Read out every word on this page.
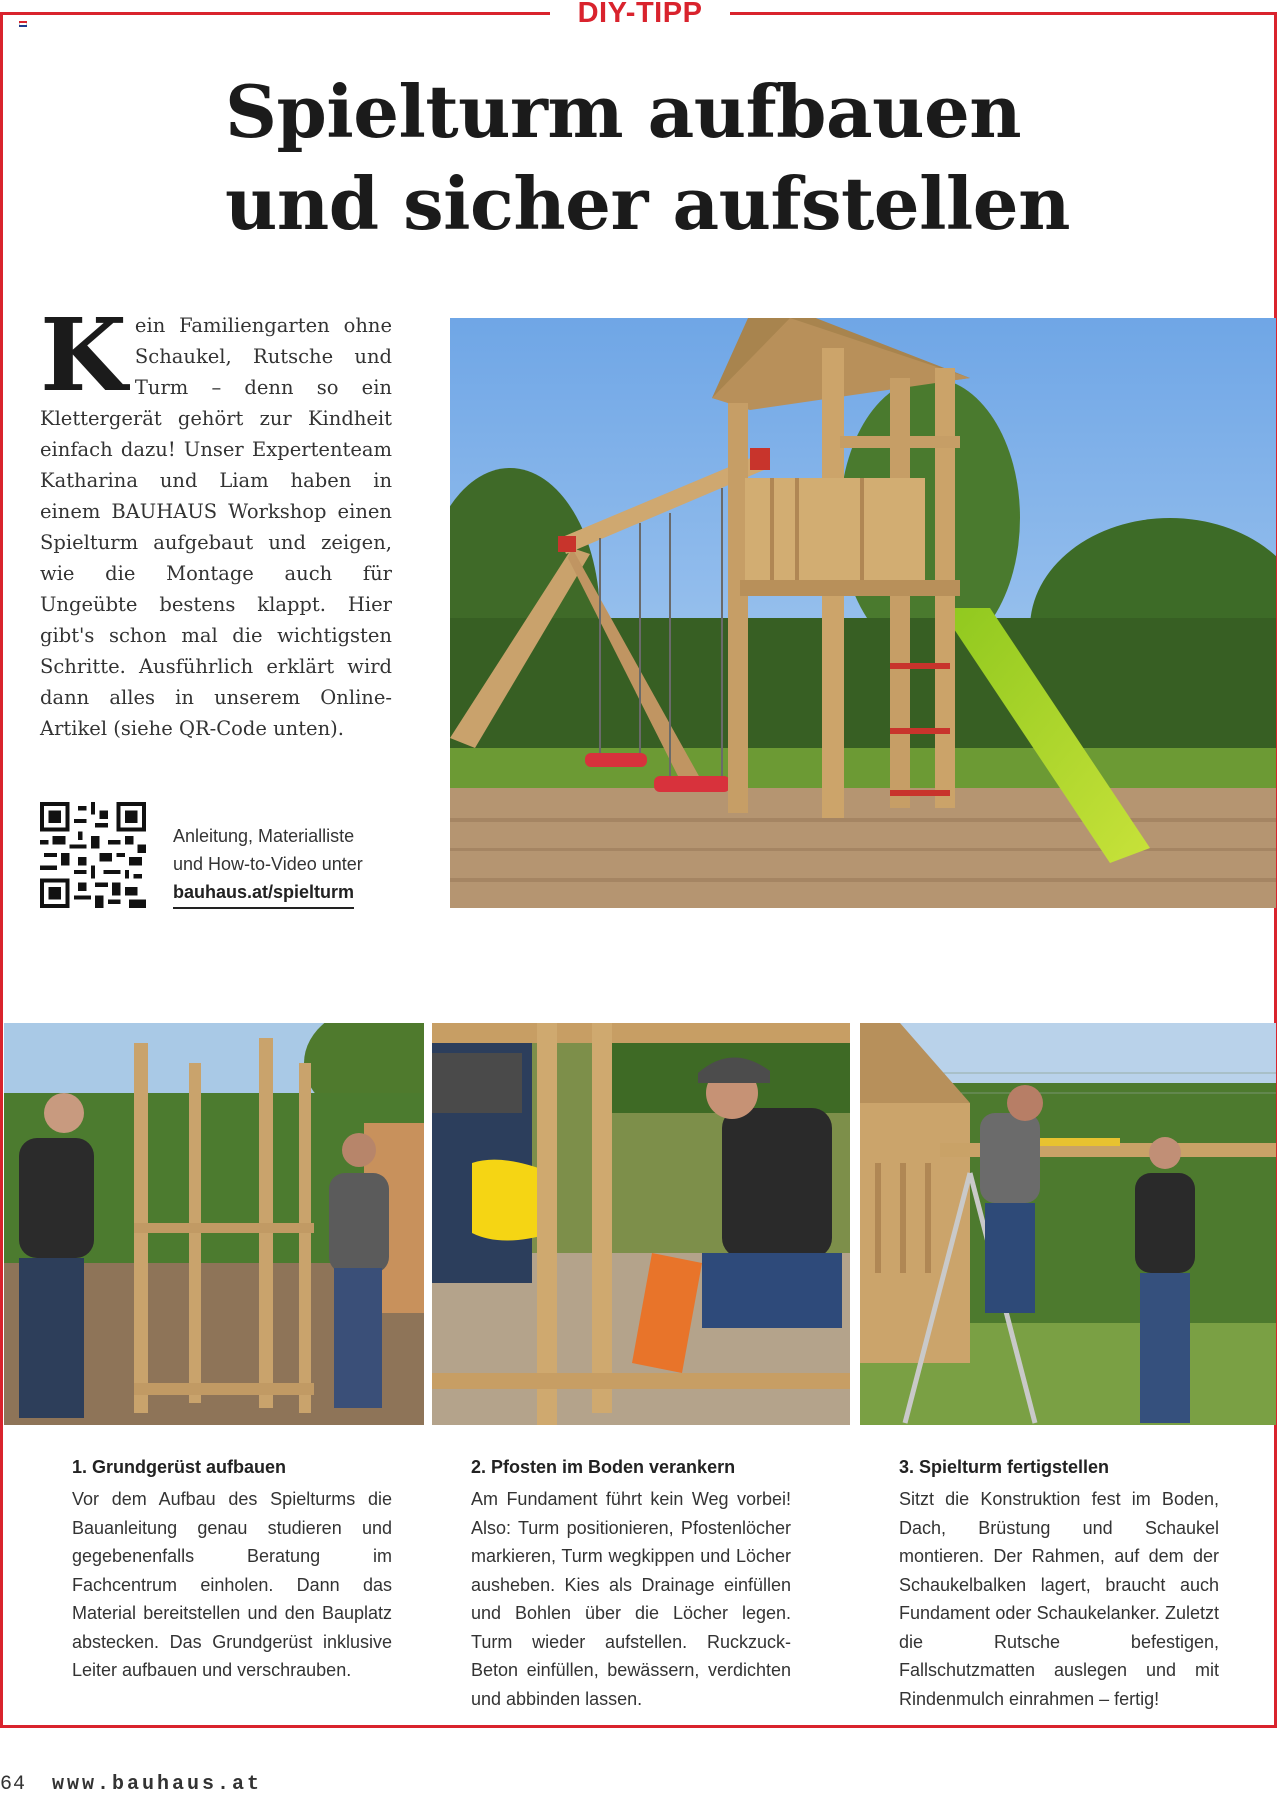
DIY-TIPP
Spielturm aufbauen
und sicher aufstellen
Kein Familiengarten ohne Schaukel, Rutsche und Turm – denn so ein Klettergerät gehört zur Kindheit einfach dazu! Unser Expertenteam Katharina und Liam haben in einem BAUHAUS Workshop einen Spielturm aufgebaut und zeigen, wie die Montage auch für Ungeübte bestens klappt. Hier gibt's schon mal die wichtigsten Schritte. Ausführlich erklärt wird dann alles in unserem Online-Artikel (siehe QR-Code unten).
Anleitung, Materialliste
und How-to-Video unter
bauhaus.at/spielturm
1. Grundgerüst aufbauen

Vor dem Aufbau des Spielturms die Bauanleitung genau studieren und gegebenenfalls Beratung im Fachcentrum einholen. Dann das Material bereitstellen und den Bauplatz abstecken. Das Grundgerüst inklusive Leiter aufbauen und verschrauben.

2. Pfosten im Boden verankern

Am Fundament führt kein Weg vorbei! Also: Turm positionieren, Pfostenlöcher markieren, Turm wegkippen und Löcher ausheben. Kies als Drainage einfüllen und Bohlen über die Löcher legen. Turm wieder aufstellen. Ruckzuck-Beton einfüllen, bewässern, verdichten und abbinden lassen.

3. Spielturm fertigstellen

Sitzt die Konstruktion fest im Boden, Dach, Brüstung und Schaukel montieren. Der Rahmen, auf dem der Schaukelbalken lagert, braucht auch Fundament oder Schaukelanker. Zuletzt die Rutsche befestigen, Fallschutzmatten auslegen und mit Rindenmulch einrahmen – fertig!

64 www.bauhaus.at
